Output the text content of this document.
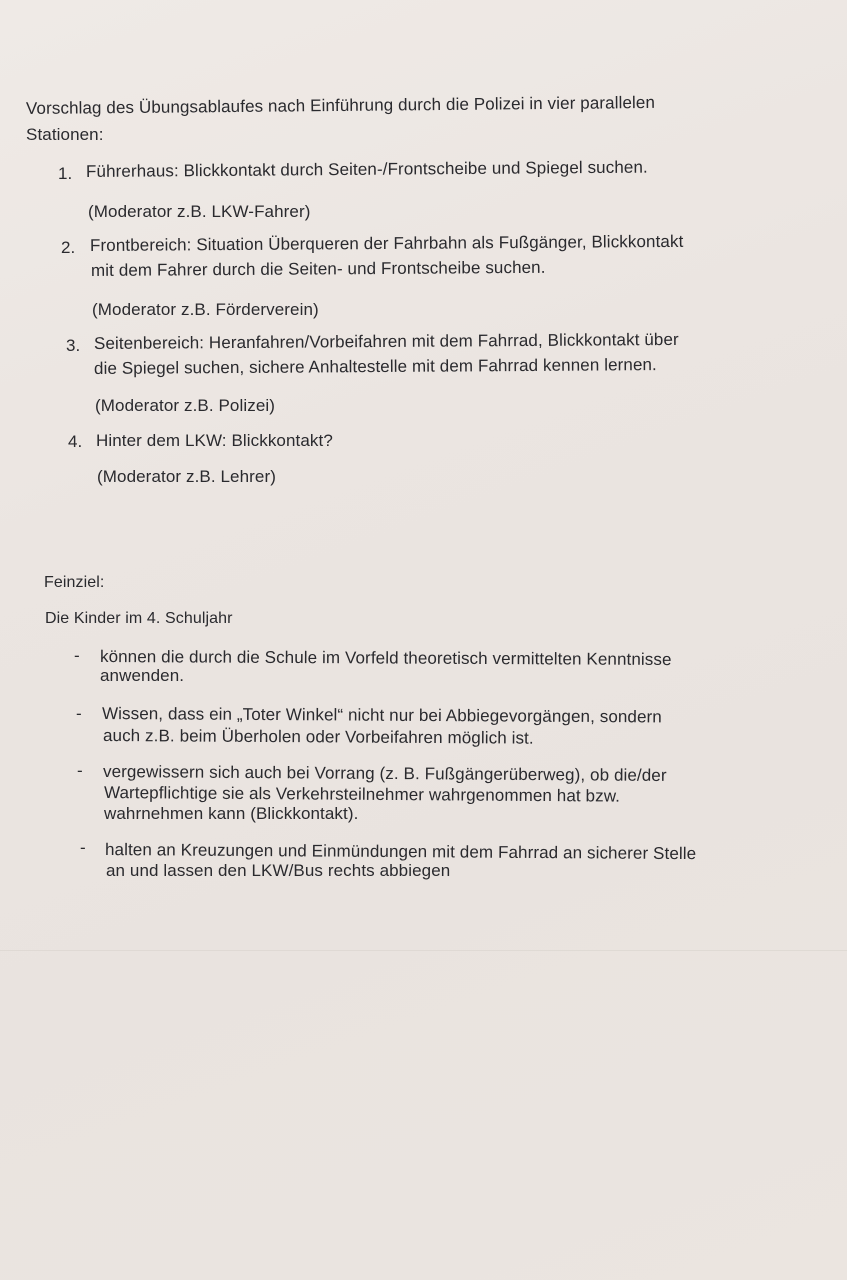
Vorschlag des Übungsablaufes nach Einführung durch die Polizei in vier parallelen
Stationen:
1. Führerhaus: Blickkontakt durch Seiten-/Frontscheibe und Spiegel suchen.
(Moderator z.B. LKW-Fahrer)
2. Frontbereich: Situation Überqueren der Fahrbahn als Fußgänger, Blickkontakt
mit dem Fahrer durch die Seiten- und Frontscheibe suchen.
(Moderator z.B. Förderverein)
3. Seitenbereich: Heranfahren/Vorbeifahren mit dem Fahrrad, Blickkontakt über
die Spiegel suchen, sichere Anhaltestelle mit dem Fahrrad kennen lernen.
(Moderator z.B. Polizei)
4. Hinter dem LKW: Blickkontakt?
(Moderator z.B. Lehrer)
Feinziel:
Die Kinder im 4. Schuljahr
- können die durch die Schule im Vorfeld theoretisch vermittelten Kenntnisse
anwenden.
- Wissen, dass ein „Toter Winkel“ nicht nur bei Abbiegevorgängen, sondern
auch z.B. beim Überholen oder Vorbeifahren möglich ist.
- vergewissern sich auch bei Vorrang (z. B. Fußgängerüberweg), ob die/der
Wartepflichtige sie als Verkehrsteilnehmer wahrgenommen hat bzw.
wahrnehmen kann (Blickkontakt).
- halten an Kreuzungen und Einmündungen mit dem Fahrrad an sicherer Stelle
an und lassen den LKW/Bus rechts abbiegen
